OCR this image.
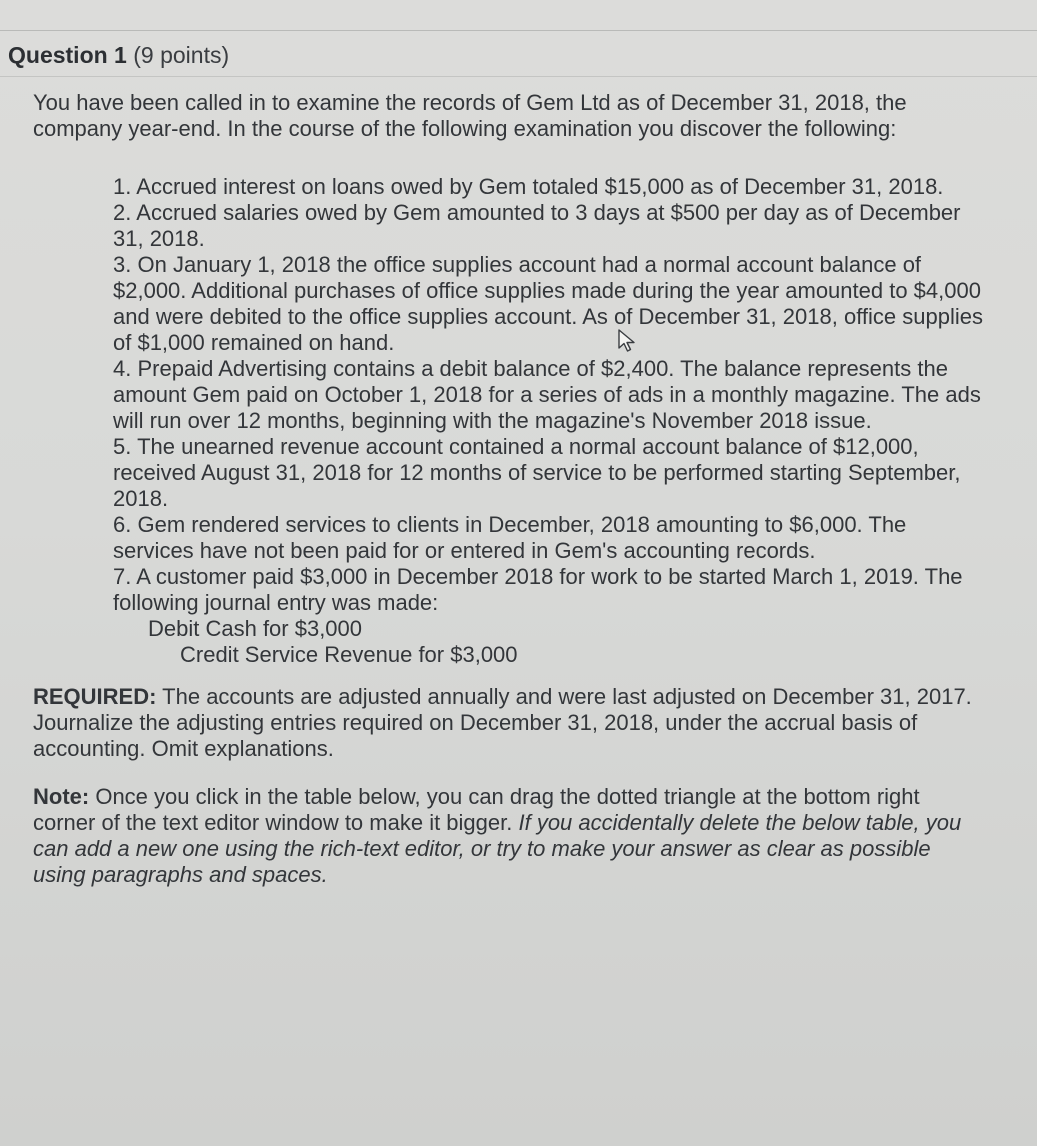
Question 1 (9 points)

You have been called in to examine the records of Gem Ltd as of December 31, 2018, the company year-end. In the course of the following examination you discover the following:

1. Accrued interest on loans owed by Gem totaled $15,000 as of December 31, 2018.
2. Accrued salaries owed by Gem amounted to 3 days at $500 per day as of December 31, 2018.
3. On January 1, 2018 the office supplies account had a normal account balance of $2,000. Additional purchases of office supplies made during the year amounted to $4,000 and were debited to the office supplies account. As of December 31, 2018, office supplies of $1,000 remained on hand.
4. Prepaid Advertising contains a debit balance of $2,400. The balance represents the amount Gem paid on October 1, 2018 for a series of ads in a monthly magazine. The ads will run over 12 months, beginning with the magazine's November 2018 issue.
5. The unearned revenue account contained a normal account balance of $12,000, received August 31, 2018 for 12 months of service to be performed starting September, 2018.
6. Gem rendered services to clients in December, 2018 amounting to $6,000. The services have not been paid for or entered in Gem's accounting records.
7. A customer paid $3,000 in December 2018 for work to be started March 1, 2019. The following journal entry was made:
Debit Cash for $3,000
Credit Service Revenue for $3,000

REQUIRED: The accounts are adjusted annually and were last adjusted on December 31, 2017. Journalize the adjusting entries required on December 31, 2018, under the accrual basis of accounting. Omit explanations.

Note: Once you click in the table below, you can drag the dotted triangle at the bottom right corner of the text editor window to make it bigger. If you accidentally delete the below table, you can add a new one using the rich-text editor, or try to make your answer as clear as possible using paragraphs and spaces.
